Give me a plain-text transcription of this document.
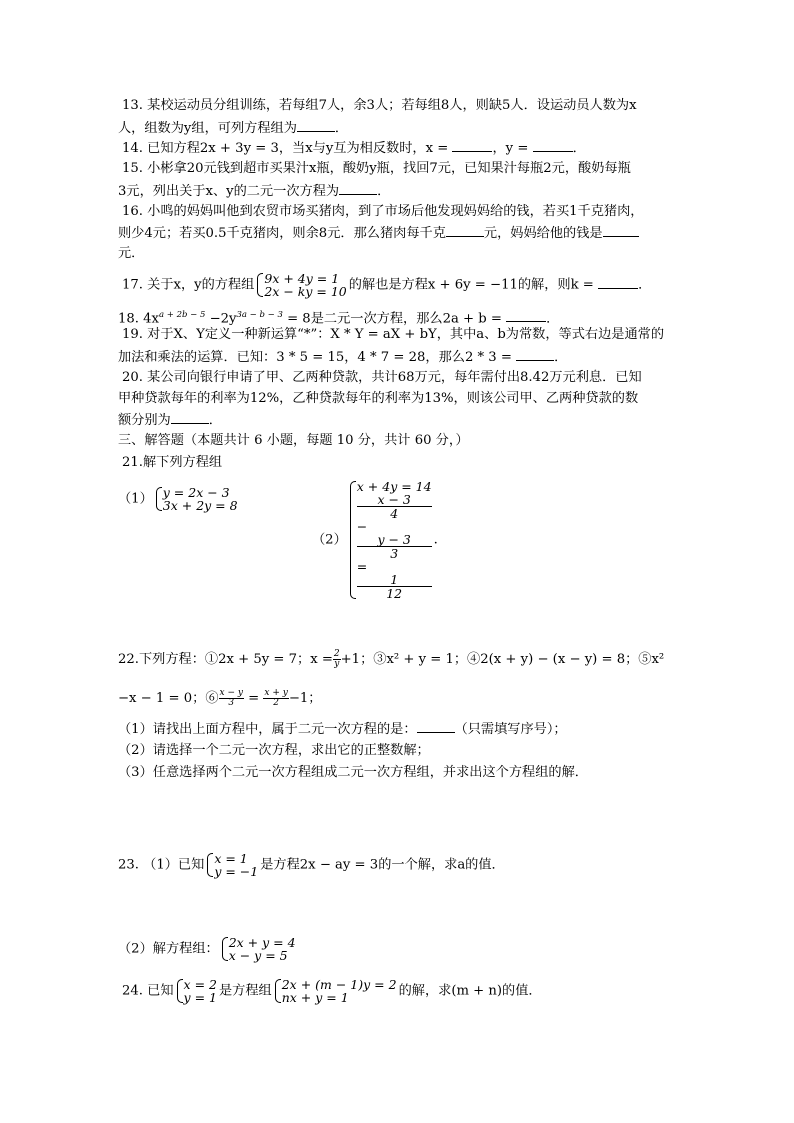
13. 某校运动员分组训练，若每组7人，余3人；若每组8人，则缺5人．设运动员人数为x
人，组数为y组，可列方程组为	．
14. 已知方程2x + 3y = 3，当x与y互为相反数时，x =	，y =	．
15. 小彬拿20元钱到超市买果汁x瓶，酸奶y瓶，找回7元，已知果汁每瓶2元，酸奶每瓶
3元，列出关于x、y的二元一次方程为	．
16. 小鸣的妈妈叫他到农贸市场买猪肉，到了市场后他发现妈妈给的钱，若买1千克猪肉，
则少4元；若买0.5千克猪肉，则余8元．那么猪肉每千克	元，妈妈给他的钱是
元．
17. 关于x，y的方程组 9x + 4y = 1
2x − ky = 10 的解也是方程x + 6y = −11的解，则k =	．
18. $4x^{a + 2b - 5} -2y^{3a - b - 3} = 8$是二元一次方程，那么2a + b =	．
19. 对于X、Y定义一种新运算“*”：X * Y = aX + bY，其中a、b为常数，等式右边是通常的
加法和乘法的运算．已知：3 * 5 = 15，4 * 7 = 28，那么2 * 3 =	．
20. 某公司向银行申请了甲、乙两种贷款，共计68万元，每年需付出8.42万元利息．已知
甲种贷款每年的利率为12%，乙种贷款每年的利率为13%，则该公司甲、乙两种贷款的数
额分别为	．
三、解答题（本题共计 6 小题，每题 10 分，共计 60 分，）
21.解下列方程组
（1） y = 2x − 3
3x + 2y = 8
（2）
x + 4y = 14
x − 3
4
−
y − 3
3
=
1
12
.
22.下列方程：①2x + 5y = 7；$x = \frac{2}{y} +1$；③x² + y = 1；④2(x + y) − (x − y) = 8；⑤x²
−x − 1 = 0；⑥ $\frac{x - y}{3} = \frac{x + y}{2} -1$；
（1）请找出上面方程中，属于二元一次方程的是：	（只需填写序号）；
（2）请选择一个二元一次方程，求出它的正整数解；
（3）任意选择两个二元一次方程组成二元一次方程组，并求出这个方程组的解．
23. （1）已知 x = 1
y = −1 是方程2x − ay = 3的一个解，求a的值．
（2）解方程组： 2x + y = 4
x − y = 5
24. 已知 x = 2
y = 1 是方程组 2x + (m − 1)y = 2
nx + y = 1	的解，求(m + n)的值．
